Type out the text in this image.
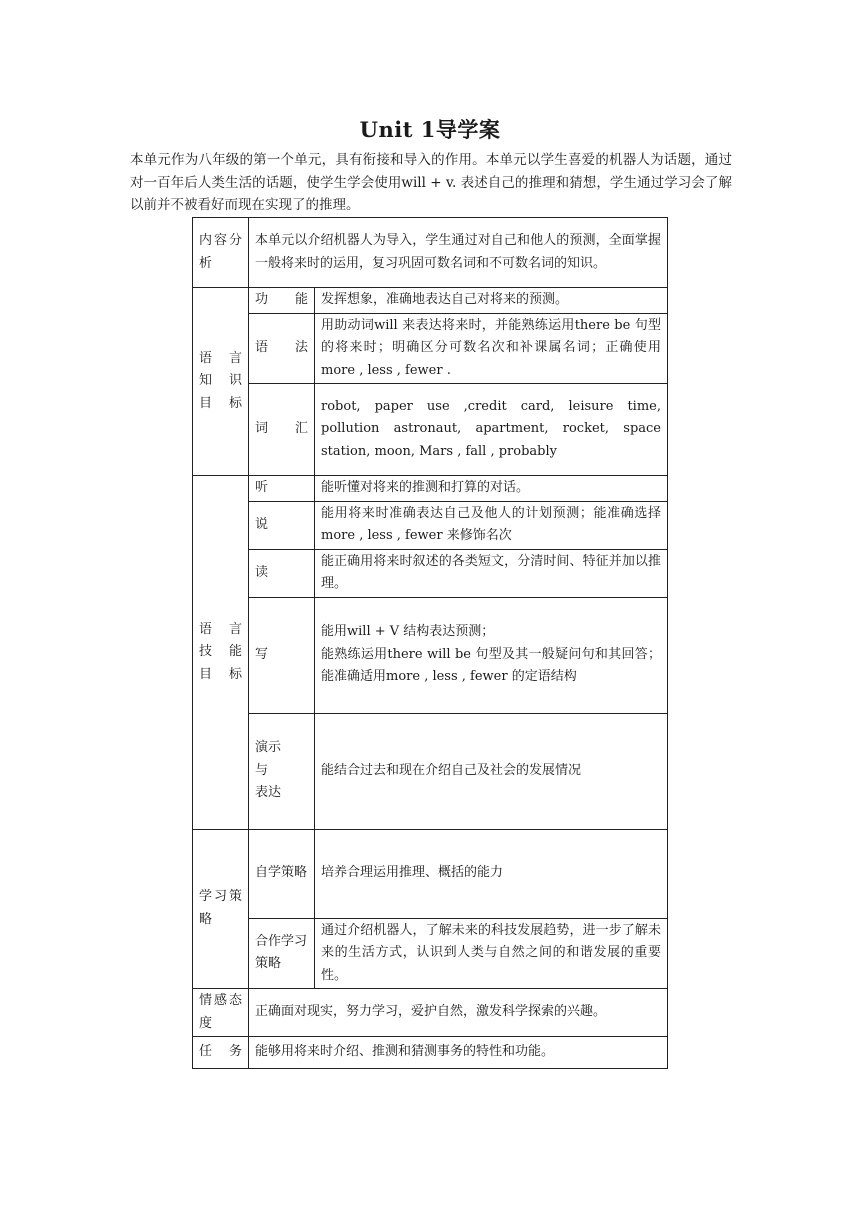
Unit 1导学案
本单元作为八年级的第一个单元，具有衔接和导入的作用。本单元以学生喜爱的机器人为话题，通过对一百年后人类生活的话题，使学生学会使用will + v. 表述自己的推理和猜想，学生通过学习会了解以前并不被看好而现在实现了的推理。
内容分析	本单元以介绍机器人为导入，学生通过对自己和他人的预测，全面掌握一般将来时的运用，复习巩固可数名词和不可数名词的知识。	
语 言 知 识 目 标	功 能	发挥想象，准确地表达自己对将来的预测。
	语 法	用助动词will 来表达将来时，并能熟练运用there be 句型的将来时；明确区分可数名次和补课属名词；正确使用more , less , fewer .
	词 汇	robot, paper use ,credit card, leisure time, pollution astronaut, apartment, rocket, space station, moon, Mars , fall , probably
语 言 技 能 目 标	听	能听懂对将来的推测和打算的对话。
	说	能用将来时准确表达自己及他人的计划预测；能准确选择more , less , fewer 来修饰名次
	读	能正确用将来时叙述的各类短文，分清时间、特征并加以推理。
	写	能用will + V 结构表达预测；
能熟练运用there will be 句型及其一般疑问句和其回答；能准确适用more , less , fewer 的定语结构

	演示
与
表达	能结合过去和现在介绍自己及社会的发展情况
学习策略	自学策略	培养合理运用推理、概括的能力
	合作学习策略	通过介绍机器人，了解未来的科技发展趋势，进一步了解未来的生活方式，认识到人类与自然之间的和谐发展的重要性。
情感态度	正确面对现实，努力学习，爱护自然，激发科学探索的兴趣。	
任 务	能够用将来时介绍、推测和猜测事务的特性和功能。	
